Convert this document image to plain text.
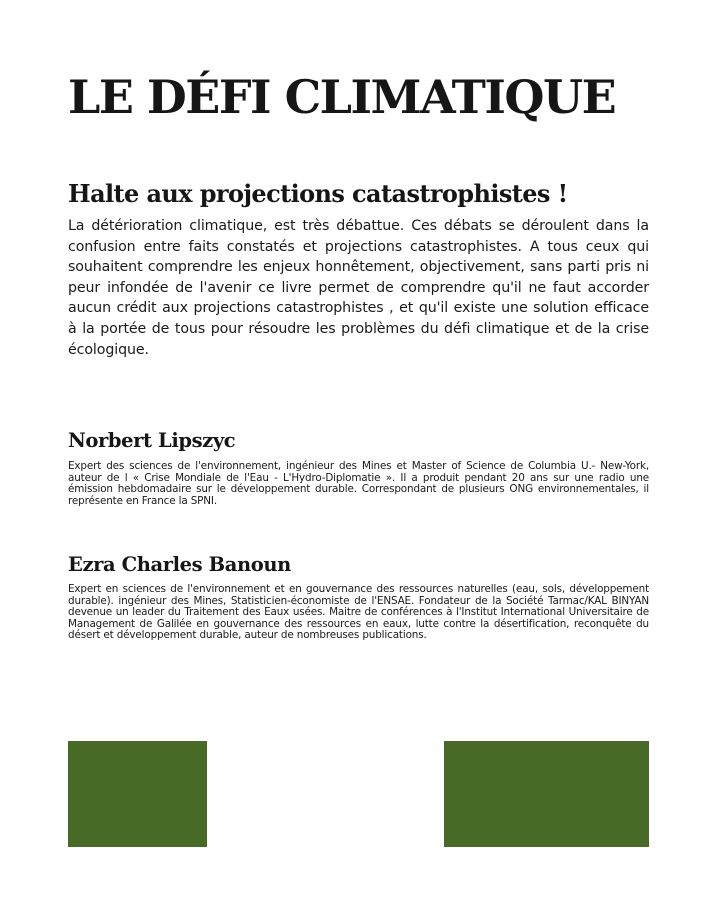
LE DÉFI CLIMATIQUE
Halte aux projections catastrophistes !

La détérioration climatique, est très débattue. Ces débats se déroulent dans la confusion entre faits constatés et projections catastrophistes. A tous ceux qui souhaitent comprendre les enjeux honnêtement, objectivement, sans parti pris ni peur infondée de l'avenir ce livre permet de comprendre qu'il ne faut accorder aucun crédit aux projections catastrophistes , et qu'il existe une solution efficace à la portée de tous pour résoudre les problèmes du défi climatique et de la crise écologique.

Norbert Lipszyc

Expert des sciences de l'environnement, ingénieur des Mines et Master of Science de Columbia U.- New-York, auteur de l « Crise Mondiale de l'Eau - L'Hydro-Diplomatie ». Il a produit pendant 20 ans sur une radio une émission hebdomadaire sur le développement durable. Correspondant de plusieurs ONG environnementales, il représente en France la SPNI.

Ezra Charles Banoun

Expert en sciences de l'environnement et en gouvernance des ressources naturelles (eau, sols, développement durable). ingénieur des Mines, Statisticien-économiste de l'ENSAE. Fondateur de la Société Tarmac/KAL BINYAN devenue un leader du Traitement des Eaux usées. Maitre de conférences à l'Institut International Universitaire de Management de Galilée en gouvernance des ressources en eaux, lutte contre la désertification, reconquête du désert et développement durable, auteur de nombreuses publications.
